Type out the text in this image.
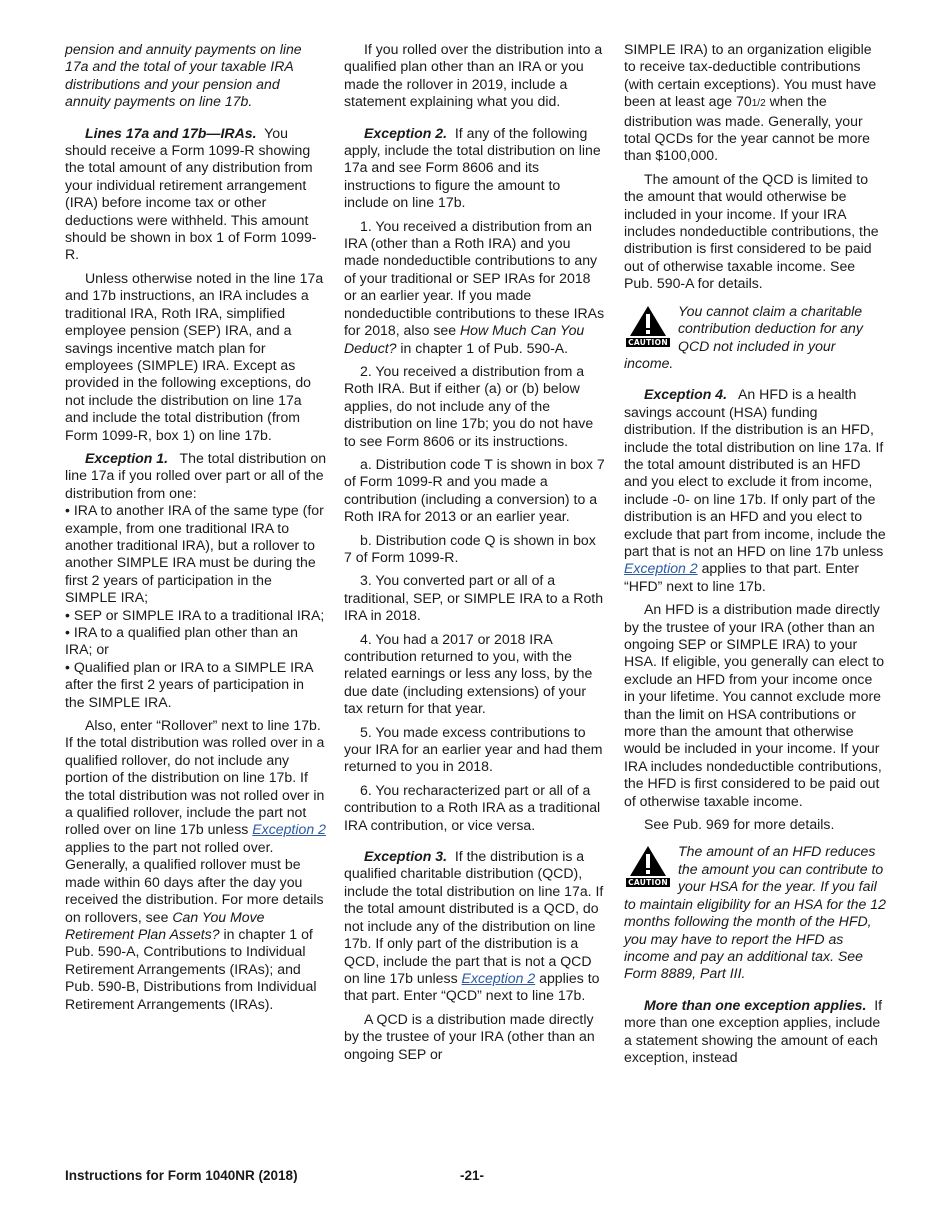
pension and annuity payments on line 17a and the total of your taxable IRA distributions and your pension and annuity payments on line 17b.

Lines 17a and 17b—IRAs. You should receive a Form 1099-R showing the total amount of any distribution from your individual retirement arrangement (IRA) before income tax or other deductions were withheld. This amount should be shown in box 1 of Form 1099-R.

Unless otherwise noted in the line 17a and 17b instructions, an IRA includes a traditional IRA, Roth IRA, simplified employee pension (SEP) IRA, and a savings incentive match plan for employees (SIMPLE) IRA. Except as provided in the following exceptions, do not include the distribution on line 17a and include the total distribution (from Form 1099-R, box 1) on line 17b.

Exception 1. The total distribution on line 17a if you rolled over part or all of the distribution from one:

• IRA to another IRA of the same type (for example, from one traditional IRA to another traditional IRA), but a rollover to another SIMPLE IRA must be during the first 2 years of participation in the SIMPLE IRA;

• SEP or SIMPLE IRA to a traditional IRA;

• IRA to a qualified plan other than an IRA; or

• Qualified plan or IRA to a SIMPLE IRA after the first 2 years of participation in the SIMPLE IRA.

Also, enter “Rollover” next to line 17b. If the total distribution was rolled over in a qualified rollover, do not include any portion of the distribution on line 17b. If the total distribution was not rolled over in a qualified rollover, include the part not rolled over on line 17b unless Exception 2 applies to the part not rolled over. Generally, a qualified rollover must be made within 60 days after the day you received the distribution. For more details on rollovers, see Can You Move Retirement Plan Assets? in chapter 1 of Pub. 590-A, Contributions to Individual Retirement Arrangements (IRAs); and Pub. 590-B, Distributions from Individual Retirement Arrangements (IRAs).

If you rolled over the distribution into a qualified plan other than an IRA or you made the rollover in 2019, include a statement explaining what you did.

Exception 2. If any of the following apply, include the total distribution on line 17a and see Form 8606 and its instructions to figure the amount to include on line 17b.

1. You received a distribution from an IRA (other than a Roth IRA) and you made nondeductible contributions to any of your traditional or SEP IRAs for 2018 or an earlier year. If you made nondeductible contributions to these IRAs for 2018, also see How Much Can You Deduct? in chapter 1 of Pub. 590-A.

2. You received a distribution from a Roth IRA. But if either (a) or (b) below applies, do not include any of the distribution on line 17b; you do not have to see Form 8606 or its instructions.

a. Distribution code T is shown in box 7 of Form 1099-R and you made a contribution (including a conversion) to a Roth IRA for 2013 or an earlier year.

b. Distribution code Q is shown in box 7 of Form 1099-R.

3. You converted part or all of a traditional, SEP, or SIMPLE IRA to a Roth IRA in 2018.

4. You had a 2017 or 2018 IRA contribution returned to you, with the related earnings or less any loss, by the due date (including extensions) of your tax return for that year.

5. You made excess contributions to your IRA for an earlier year and had them returned to you in 2018.

6. You recharacterized part or all of a contribution to a Roth IRA as a traditional IRA contribution, or vice versa.

Exception 3. If the distribution is a qualified charitable distribution (QCD), include the total distribution on line 17a. If the total amount distributed is a QCD, do not include any of the distribution on line 17b. If only part of the distribution is a QCD, include the part that is not a QCD on line 17b unless Exception 2 applies to that part. Enter “QCD” next to line 17b.

A QCD is a distribution made directly by the trustee of your IRA (other than an ongoing SEP or

SIMPLE IRA) to an organization eligible to receive tax-deductible contributions (with certain exceptions). You must have been at least age 701/2 when the distribution was made. Generally, your total QCDs for the year cannot be more than $100,000.

The amount of the QCD is limited to the amount that would otherwise be included in your income. If your IRA includes nondeductible contributions, the distribution is first considered to be paid out of otherwise taxable income. See Pub. 590-A for details.

CAUTION
You cannot claim a charitable contribution deduction for any QCD not included in your income.

Exception 4. An HFD is a health savings account (HSA) funding distribution. If the distribution is an HFD, include the total distribution on line 17a. If the total amount distributed is an HFD and you elect to exclude it from income, include -0- on line 17b. If only part of the distribution is an HFD and you elect to exclude that part from income, include the part that is not an HFD on line 17b unless Exception 2 applies to that part. Enter “HFD” next to line 17b.

An HFD is a distribution made directly by the trustee of your IRA (other than an ongoing SEP or SIMPLE IRA) to your HSA. If eligible, you generally can elect to exclude an HFD from your income once in your lifetime. You cannot exclude more than the limit on HSA contributions or more than the amount that otherwise would be included in your income. If your IRA includes nondeductible contributions, the HFD is first considered to be paid out of otherwise taxable income.

See Pub. 969 for more details.

CAUTION
The amount of an HFD reduces the amount you can contribute to your HSA for the year. If you fail to maintain eligibility for an HSA for the 12 months following the month of the HFD, you may have to report the HFD as income and pay an additional tax. See Form 8889, Part III.

More than one exception applies. If more than one exception applies, include a statement showing the amount of each exception, instead

Instructions for Form 1040NR (2018)	-21-
